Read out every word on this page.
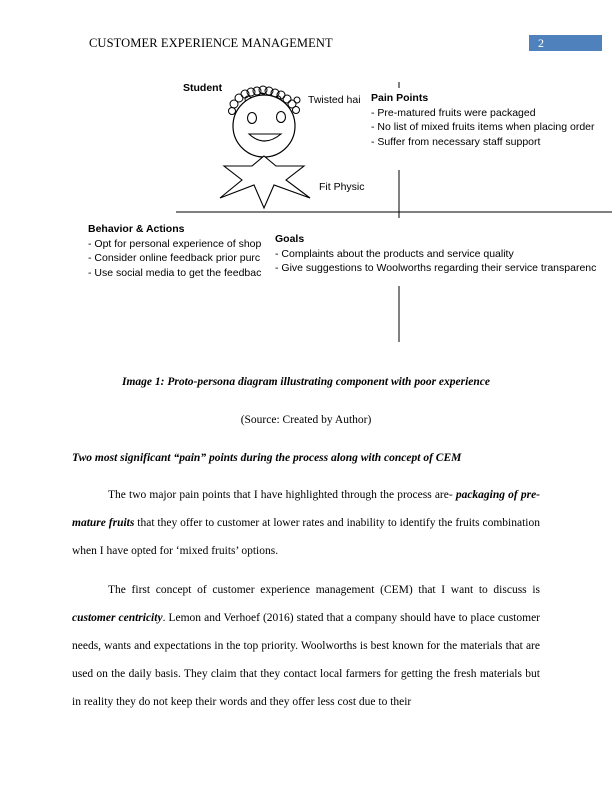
CUSTOMER EXPERIENCE MANAGEMENT	2
Student
Twisted hai
Fit Physic
Pain Points
- Pre-matured fruits were packaged
- No list of mixed fruits items when placing order
- Suffer from necessary staff support
Behavior & Actions
- Opt for personal experience of shop
- Consider online feedback prior purc
- Use social media to get the feedbac
Goals
- Complaints about the products and service quality
- Give suggestions to Woolworths regarding their service transparenc
Image 1: Proto-persona diagram illustrating component with poor experience
(Source: Created by Author)
Two most significant “pain” points during the process along with concept of CEM

The two major pain points that I have highlighted through the process are- packaging of pre-mature fruits that they offer to customer at lower rates and inability to identify the fruits combination when I have opted for ‘mixed fruits’ options.

The first concept of customer experience management (CEM) that I want to discuss is customer centricity. Lemon and Verhoef (2016) stated that a company should have to place customer needs, wants and expectations in the top priority. Woolworths is best known for the materials that are used on the daily basis. They claim that they contact local farmers for getting the fresh materials but in reality they do not keep their words and they offer less cost due to their
